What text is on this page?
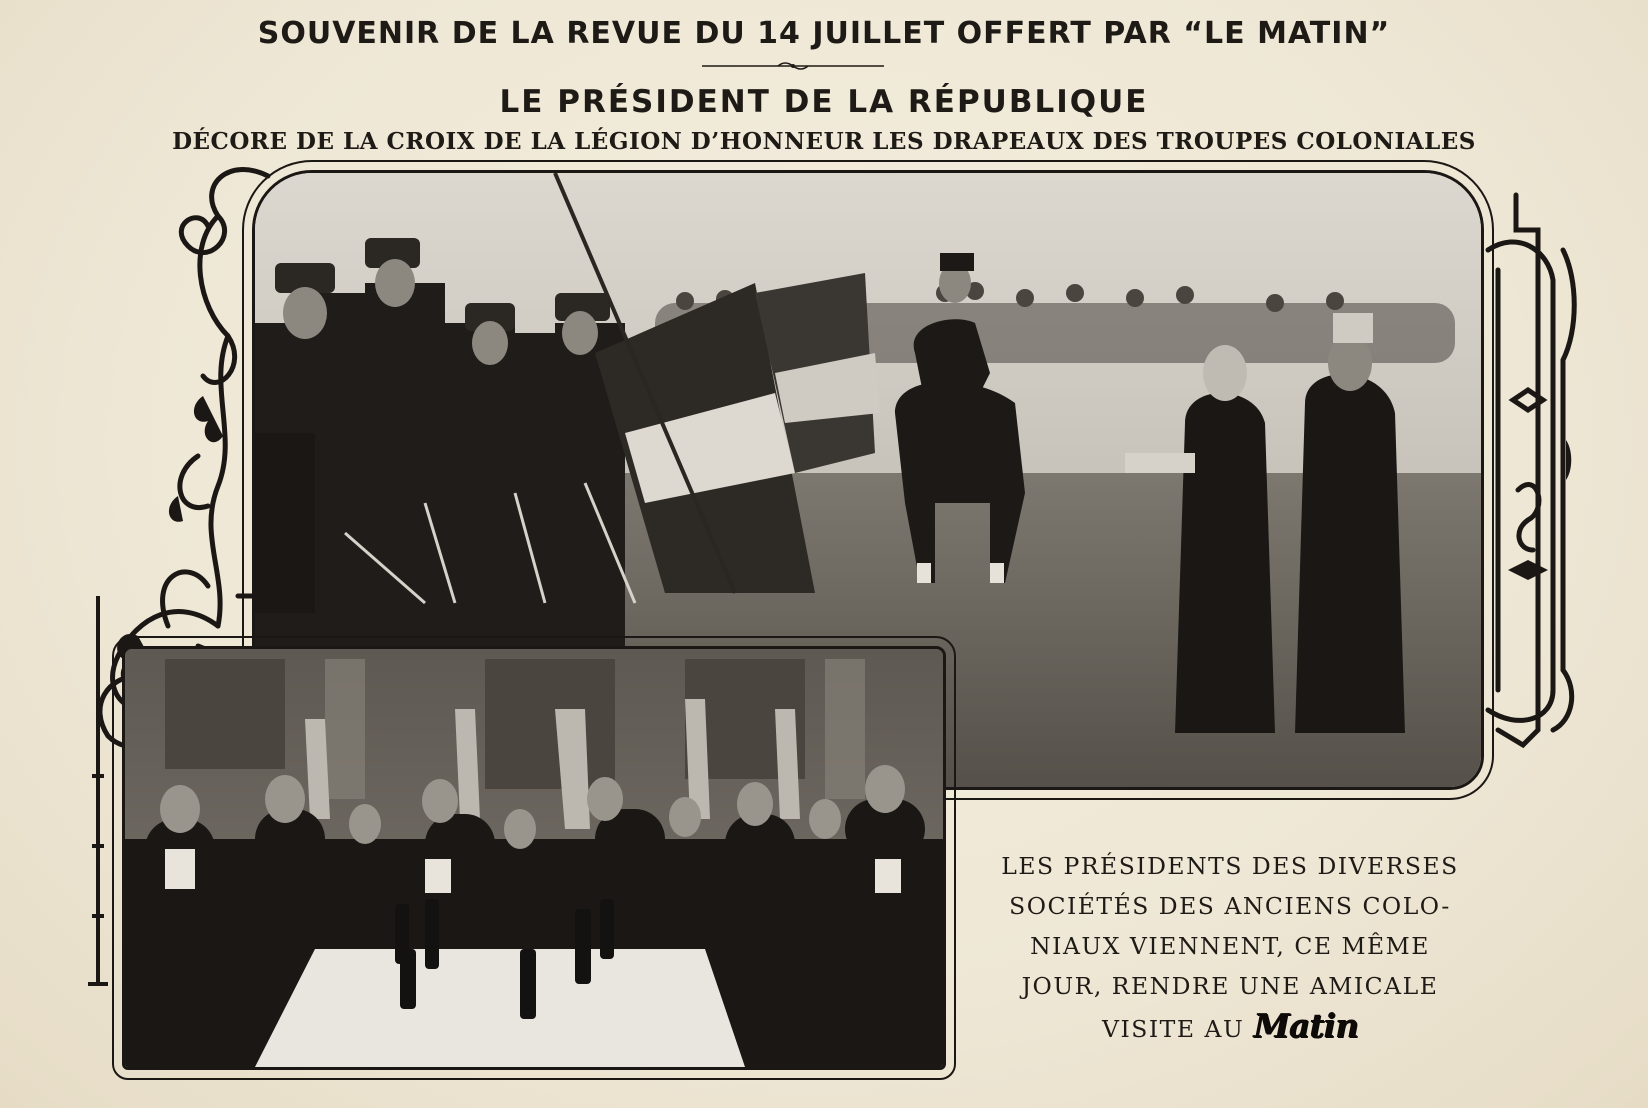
SOUVENIR DE LA REVUE DU 14 JUILLET OFFERT PAR “LE MATIN”
LE PRÉSIDENT DE LA RÉPUBLIQUE
DÉCORE DE LA CROIX DE LA LÉGION D’HONNEUR LES DRAPEAUX DES TROUPES COLONIALES
LES PRÉSIDENTS DES DIVERSES
SOCIÉTÉS DES ANCIENS COLO-
NIAUX VIENNENT, CE MÊME
JOUR, RENDRE UNE AMICALE
VISITE AU Matin
